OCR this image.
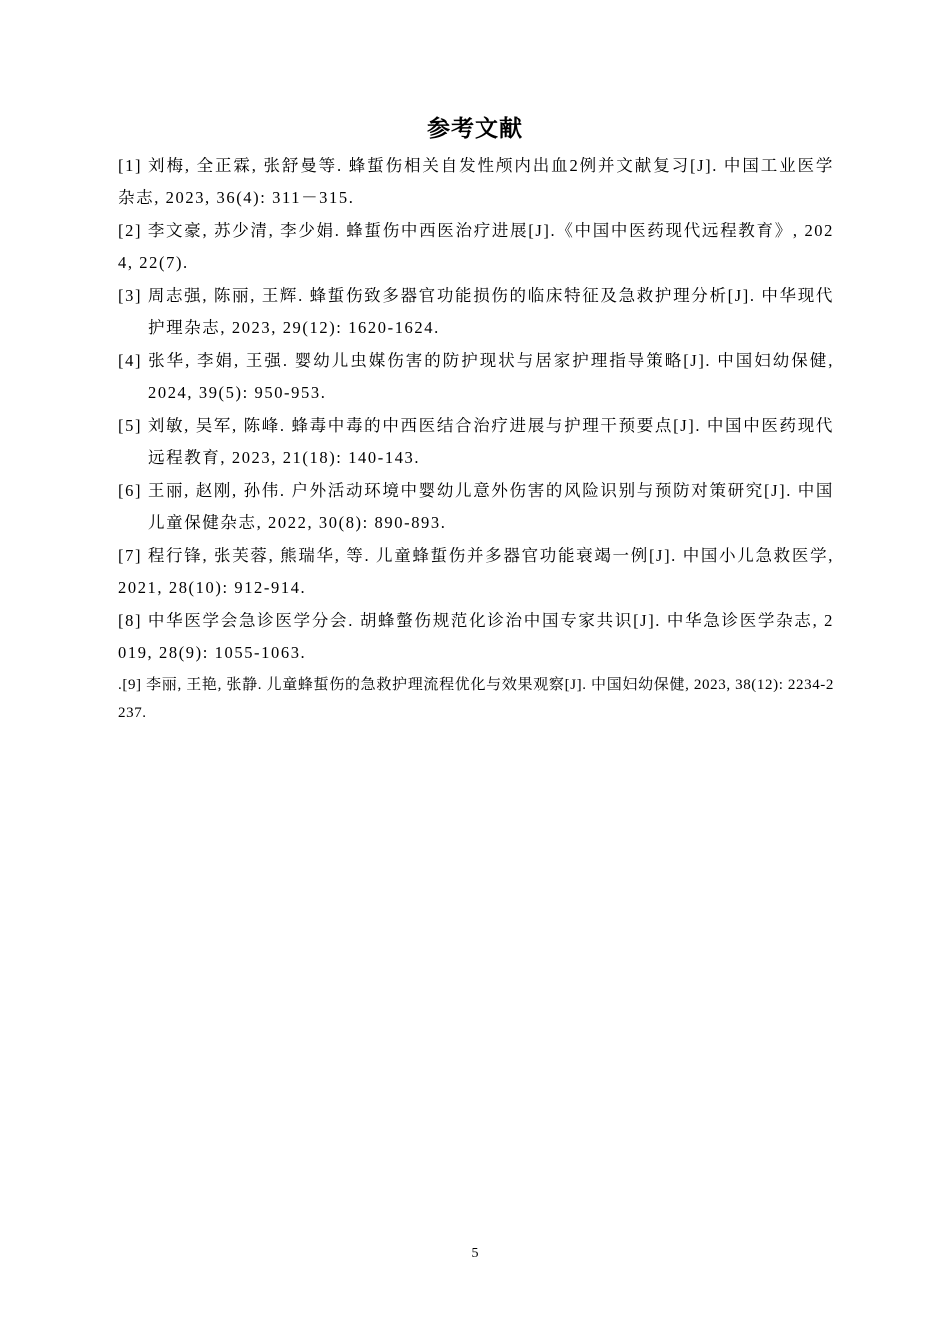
参考文献

[1] 刘梅, 全正霖, 张舒曼等. 蜂蜇伤相关自发性颅内出血2例并文献复习[J]. 中国工业医学杂志, 2023, 36(4): 311－315.

[2] 李文豪, 苏少清, 李少娟. 蜂蜇伤中西医治疗进展[J].《中国中医药现代远程教育》, 2024, 22(7).

[3] 周志强, 陈丽, 王辉. 蜂蜇伤致多器官功能损伤的临床特征及急救护理分析[J]. 中华现代护理杂志, 2023, 29(12): 1620-1624.

[4] 张华, 李娟, 王强. 婴幼儿虫媒伤害的防护现状与居家护理指导策略[J]. 中国妇幼保健, 2024, 39(5): 950-953.

[5] 刘敏, 吴军, 陈峰. 蜂毒中毒的中西医结合治疗进展与护理干预要点[J]. 中国中医药现代远程教育, 2023, 21(18): 140-143.

[6] 王丽, 赵刚, 孙伟. 户外活动环境中婴幼儿意外伤害的风险识别与预防对策研究[J]. 中国儿童保健杂志, 2022, 30(8): 890-893.

[7] 程行锋, 张芙蓉, 熊瑞华, 等. 儿童蜂蜇伤并多器官功能衰竭一例[J]. 中国小儿急救医学, 2021, 28(10): 912-914.

[8] 中华医学会急诊医学分会. 胡蜂螫伤规范化诊治中国专家共识[J]. 中华急诊医学杂志, 2019, 28(9): 1055-1063.

.[9] 李丽, 王艳, 张静. 儿童蜂蜇伤的急救护理流程优化与效果观察[J]. 中国妇幼保健, 2023, 38(12): 2234-2237.

5
